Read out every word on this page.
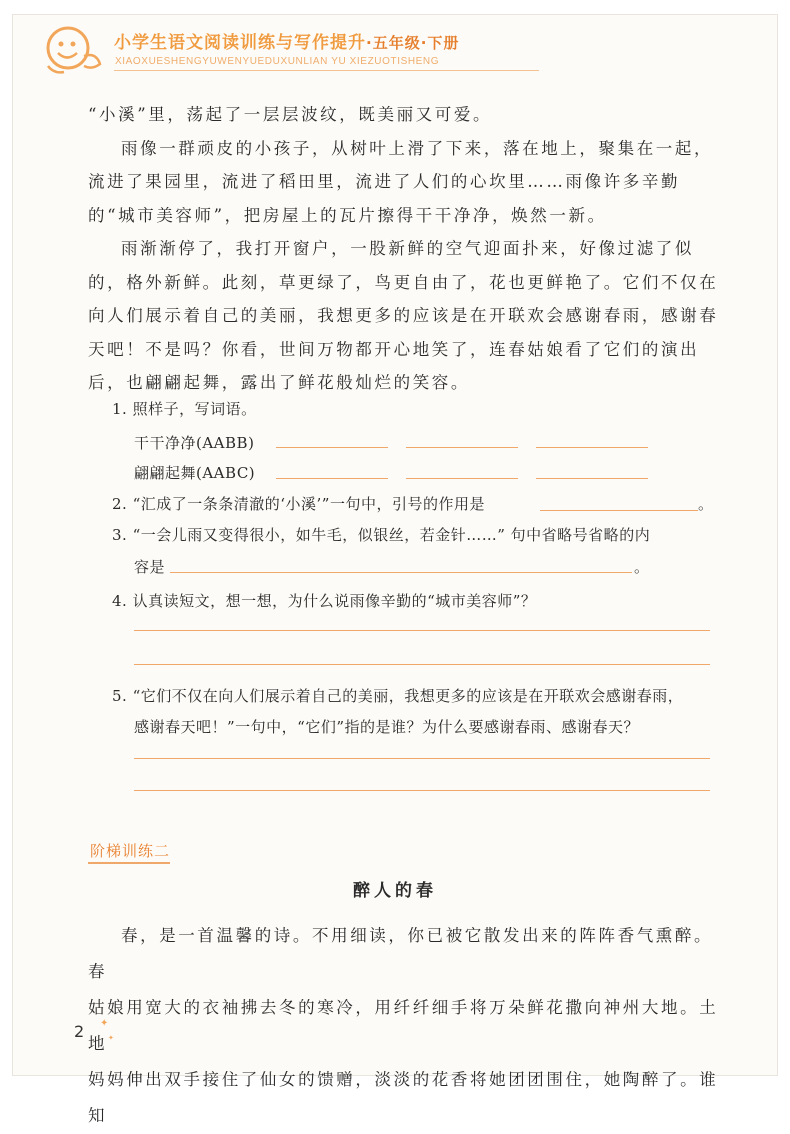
小学生语文阅读训练与写作提升·五年级·下册
XIAOXUESHENGYUWENYUEDUXUNLIAN YU XIEZUOTISHENG

“小溪”里，荡起了一层层波纹，既美丽又可爱。

雨像一群顽皮的小孩子，从树叶上滑了下来，落在地上，聚集在一起，流进了果园里，流进了稻田里，流进了人们的心坎里……雨像许多辛勤的“城市美容师”，把房屋上的瓦片擦得干干净净，焕然一新。

雨渐渐停了，我打开窗户，一股新鲜的空气迎面扑来，好像过滤了似的，格外新鲜。此刻，草更绿了，鸟更自由了，花也更鲜艳了。它们不仅在向人们展示着自己的美丽，我想更多的应该是在开联欢会感谢春雨，感谢春天吧！不是吗？你看，世间万物都开心地笑了，连春姑娘看了它们的演出后，也翩翩起舞，露出了鲜花般灿烂的笑容。

1. 照样子，写词语。
干干净净(AABB)
翩翩起舞(AABC)
2. “汇成了一条条清澈的‘小溪’”一句中，引号的作用是	。
3. “一会儿雨又变得很小，如牛毛，似银丝，若金针……” 句中省略号省略的内
容是	。
4. 认真读短文，想一想，为什么说雨像辛勤的“城市美容师”？
5. “它们不仅在向人们展示着自己的美丽，我想更多的应该是在开联欢会感谢春雨，
感谢春天吧！”一句中，“它们”指的是谁？为什么要感谢春雨、感谢春天？
阶梯训练二
醉人的春

春，是一首温馨的诗。不用细读，你已被它散发出来的阵阵香气熏醉。春

姑娘用宽大的衣袖拂去冬的寒冷，用纤纤细手将万朵鲜花撒向神州大地。土地

妈妈伸出双手接住了仙女的馈赠，淡淡的花香将她团团围住，她陶醉了。谁知

✦
✦
2
